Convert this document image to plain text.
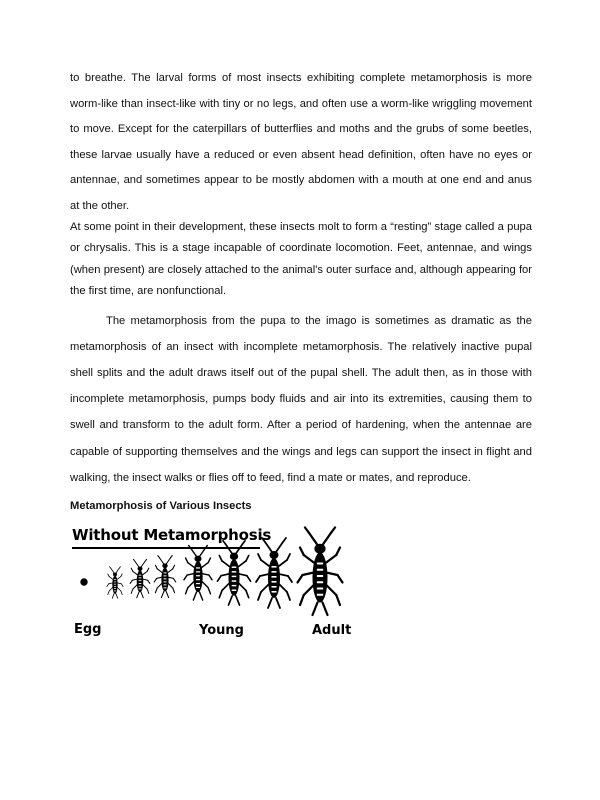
to breathe. The larval forms of most insects exhibiting complete metamorphosis is more worm-like than insect-like with tiny or no legs, and often use a worm-like wriggling movement to move. Except for the caterpillars of butterflies and moths and the grubs of some beetles, these larvae usually have a reduced or even absent head definition, often have no eyes or antennae, and sometimes appear to be mostly abdomen with a mouth at one end and anus at the other.

At some point in their development, these insects molt to form a “resting” stage called a pupa or chrysalis. This is a stage incapable of coordinate locomotion. Feet, antennae, and wings (when present) are closely attached to the animal's outer surface and, although appearing for the first time, are nonfunctional.

The metamorphosis from the pupa to the imago is sometimes as dramatic as the metamorphosis of an insect with incomplete metamorphosis. The relatively inactive pupal shell splits and the adult draws itself out of the pupal shell. The adult then, as in those with incomplete metamorphosis, pumps body fluids and air into its extremities, causing them to swell and transform to the adult form. After a period of hardening, when the antennae are capable of supporting themselves and the wings and legs can support the insect in flight and walking, the insect walks or flies off to feed, find a mate or mates, and reproduce.

Metamorphosis of Various Insects

Without Metamorphosis
Egg	Young	Adult
